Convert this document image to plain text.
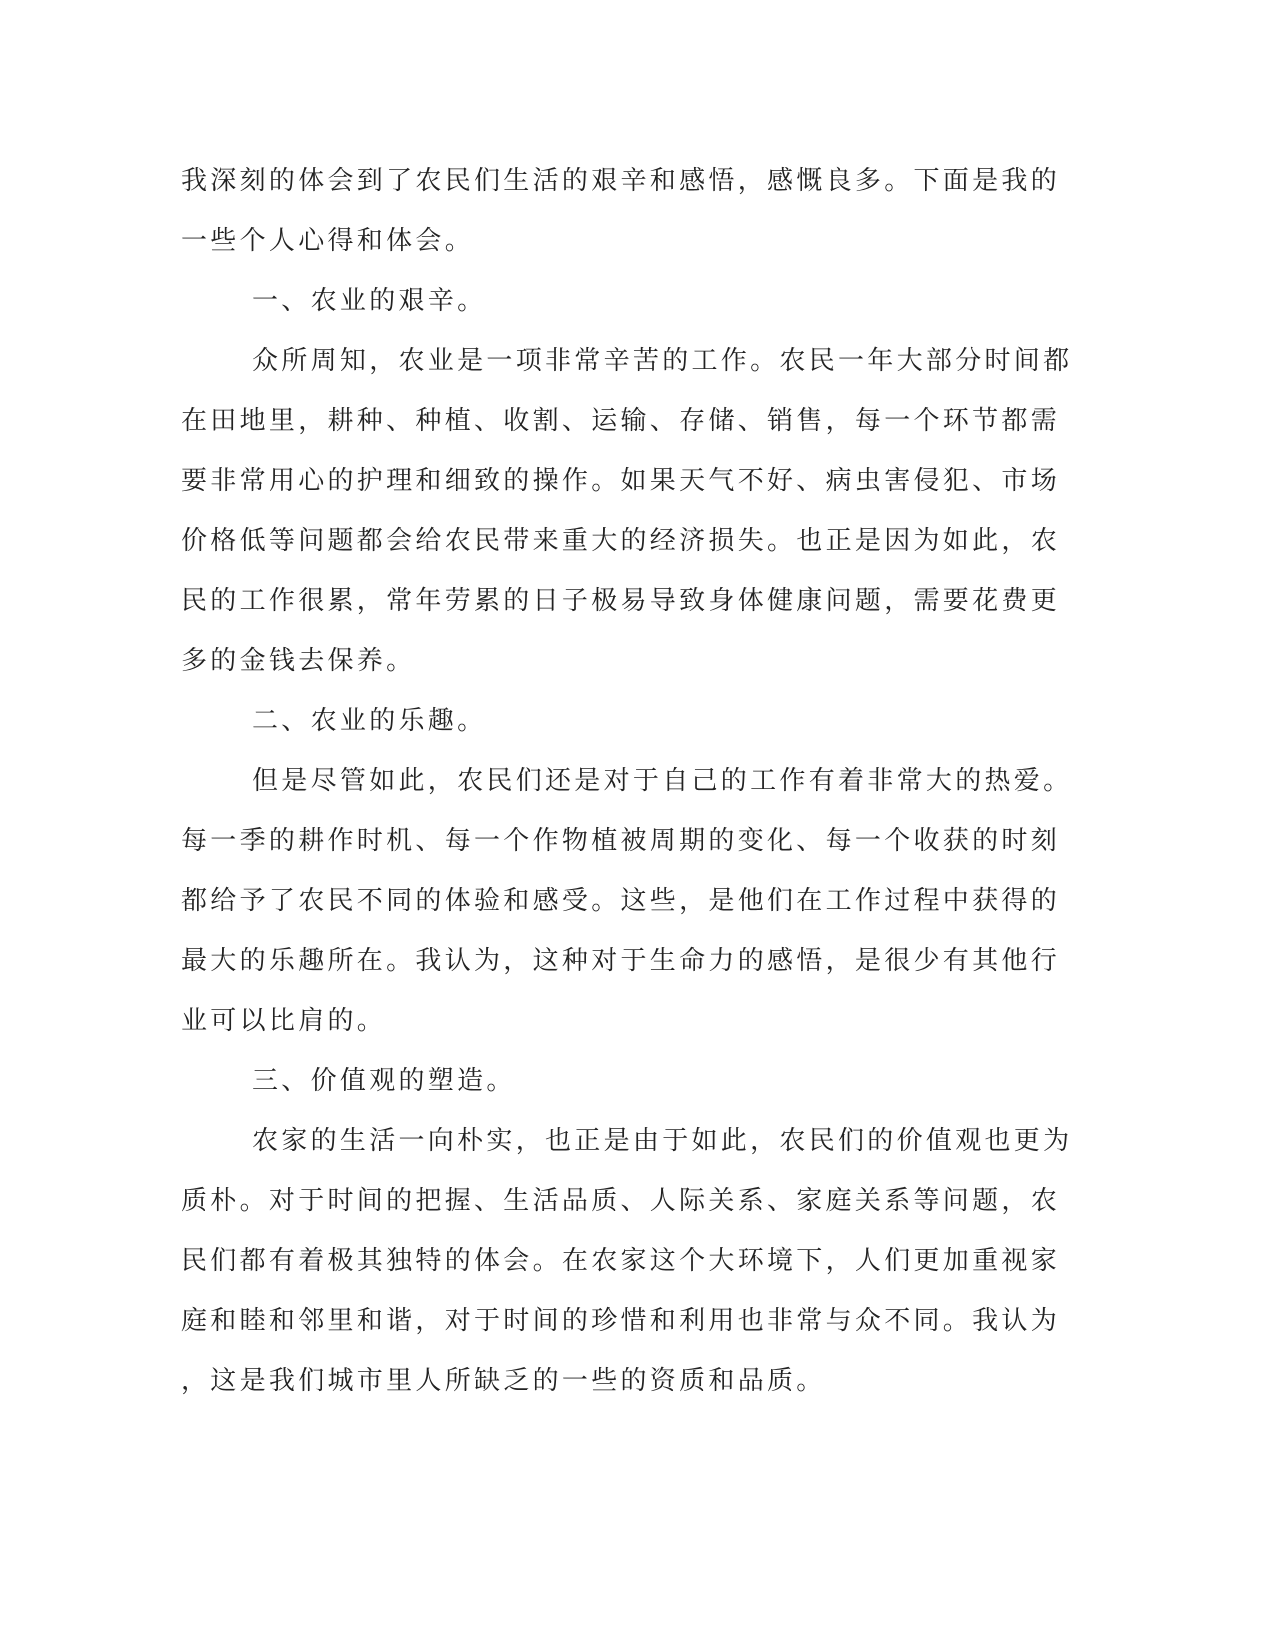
我深刻的体会到了农民们生活的艰辛和感悟，感慨良多。下面是我的
一些个人心得和体会。
一、农业的艰辛。
众所周知，农业是一项非常辛苦的工作。农民一年大部分时间都
在田地里，耕种、种植、收割、运输、存储、销售，每一个环节都需
要非常用心的护理和细致的操作。如果天气不好、病虫害侵犯、市场
价格低等问题都会给农民带来重大的经济损失。也正是因为如此，农
民的工作很累，常年劳累的日子极易导致身体健康问题，需要花费更
多的金钱去保养。
二、农业的乐趣。
但是尽管如此，农民们还是对于自己的工作有着非常大的热爱。
每一季的耕作时机、每一个作物植被周期的变化、每一个收获的时刻
都给予了农民不同的体验和感受。这些，是他们在工作过程中获得的
最大的乐趣所在。我认为，这种对于生命力的感悟，是很少有其他行
业可以比肩的。
三、价值观的塑造。
农家的生活一向朴实，也正是由于如此，农民们的价值观也更为
质朴。对于时间的把握、生活品质、人际关系、家庭关系等问题，农
民们都有着极其独特的体会。在农家这个大环境下，人们更加重视家
庭和睦和邻里和谐，对于时间的珍惜和利用也非常与众不同。我认为
，这是我们城市里人所缺乏的一些的资质和品质。
